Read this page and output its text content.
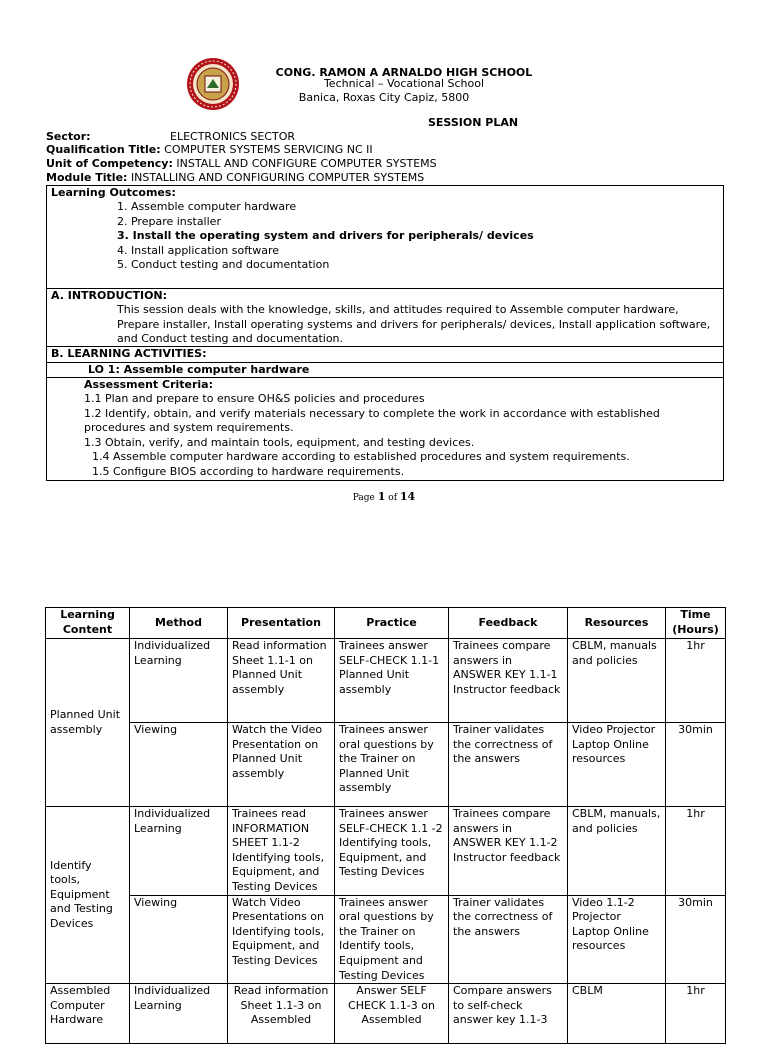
CONG. RAMON A ARNALDO HIGH SCHOOL
Technical – Vocational School
Banica, Roxas City Capiz, 5800
SESSION PLAN
Sector:	ELECTRONICS SECTOR
Qualification Title: COMPUTER SYSTEMS SERVICING NC II
Unit of Competency: INSTALL AND CONFIGURE COMPUTER SYSTEMS
Module Title: INSTALLING AND CONFIGURING COMPUTER SYSTEMS
Learning Outcomes:
1. Assemble computer hardware
2. Prepare installer
3. Install the operating system and drivers for peripherals/ devices
4. Install application software
5. Conduct testing and documentation
A. INTRODUCTION:
This session deals with the knowledge, skills, and attitudes required to Assemble computer hardware,
Prepare installer, Install operating systems and drivers for peripherals/ devices, Install application software,
and Conduct testing and documentation.
B. LEARNING ACTIVITIES:
LO 1: Assemble computer hardware
Assessment Criteria:
1.1 Plan and prepare to ensure OH&S policies and procedures
1.2 Identify, obtain, and verify materials necessary to complete the work in accordance with established
procedures and system requirements.
1.3 Obtain, verify, and maintain tools, equipment, and testing devices.
1.4 Assemble computer hardware according to established procedures and system requirements.
1.5 Configure BIOS according to hardware requirements.
Page 1 of 14
Learning Content	Method	Presentation	Practice	Feedback	Resources	Time (Hours)
Planned Unit assembly	Individualized Learning	Read information Sheet 1.1-1 on Planned Unit assembly	Trainees answer SELF-CHECK 1.1-1 Planned Unit assembly	Trainees compare answers in ANSWER KEY 1.1-1 Instructor feedback	CBLM, manuals and policies	1hr
	Viewing	Watch the Video Presentation on Planned Unit assembly	Trainees answer oral questions by the Trainer on Planned Unit assembly	Trainer validates the correctness of the answers	Video Projector Laptop Online resources	30min
Identify tools, Equipment and Testing Devices	Individualized Learning	Trainees read INFORMATION SHEET 1.1-2 Identifying tools, Equipment, and Testing Devices	Trainees answer SELF-CHECK 1.1 -2 Identifying tools, Equipment, and Testing Devices	Trainees compare answers in ANSWER KEY 1.1-2 Instructor feedback	CBLM, manuals, and policies	1hr
	Viewing	Watch Video Presentations on Identifying tools, Equipment, and Testing Devices	Trainees answer oral questions by the Trainer on Identify tools, Equipment and Testing Devices	Trainer validates the correctness of the answers	Video 1.1-2 Projector Laptop Online resources	30min
Assembled Computer Hardware	Individualized Learning	Read information Sheet 1.1-3 on Assembled	Answer SELF CHECK 1.1-3 on Assembled	Compare answers to self-check answer key 1.1-3	CBLM	1hr
